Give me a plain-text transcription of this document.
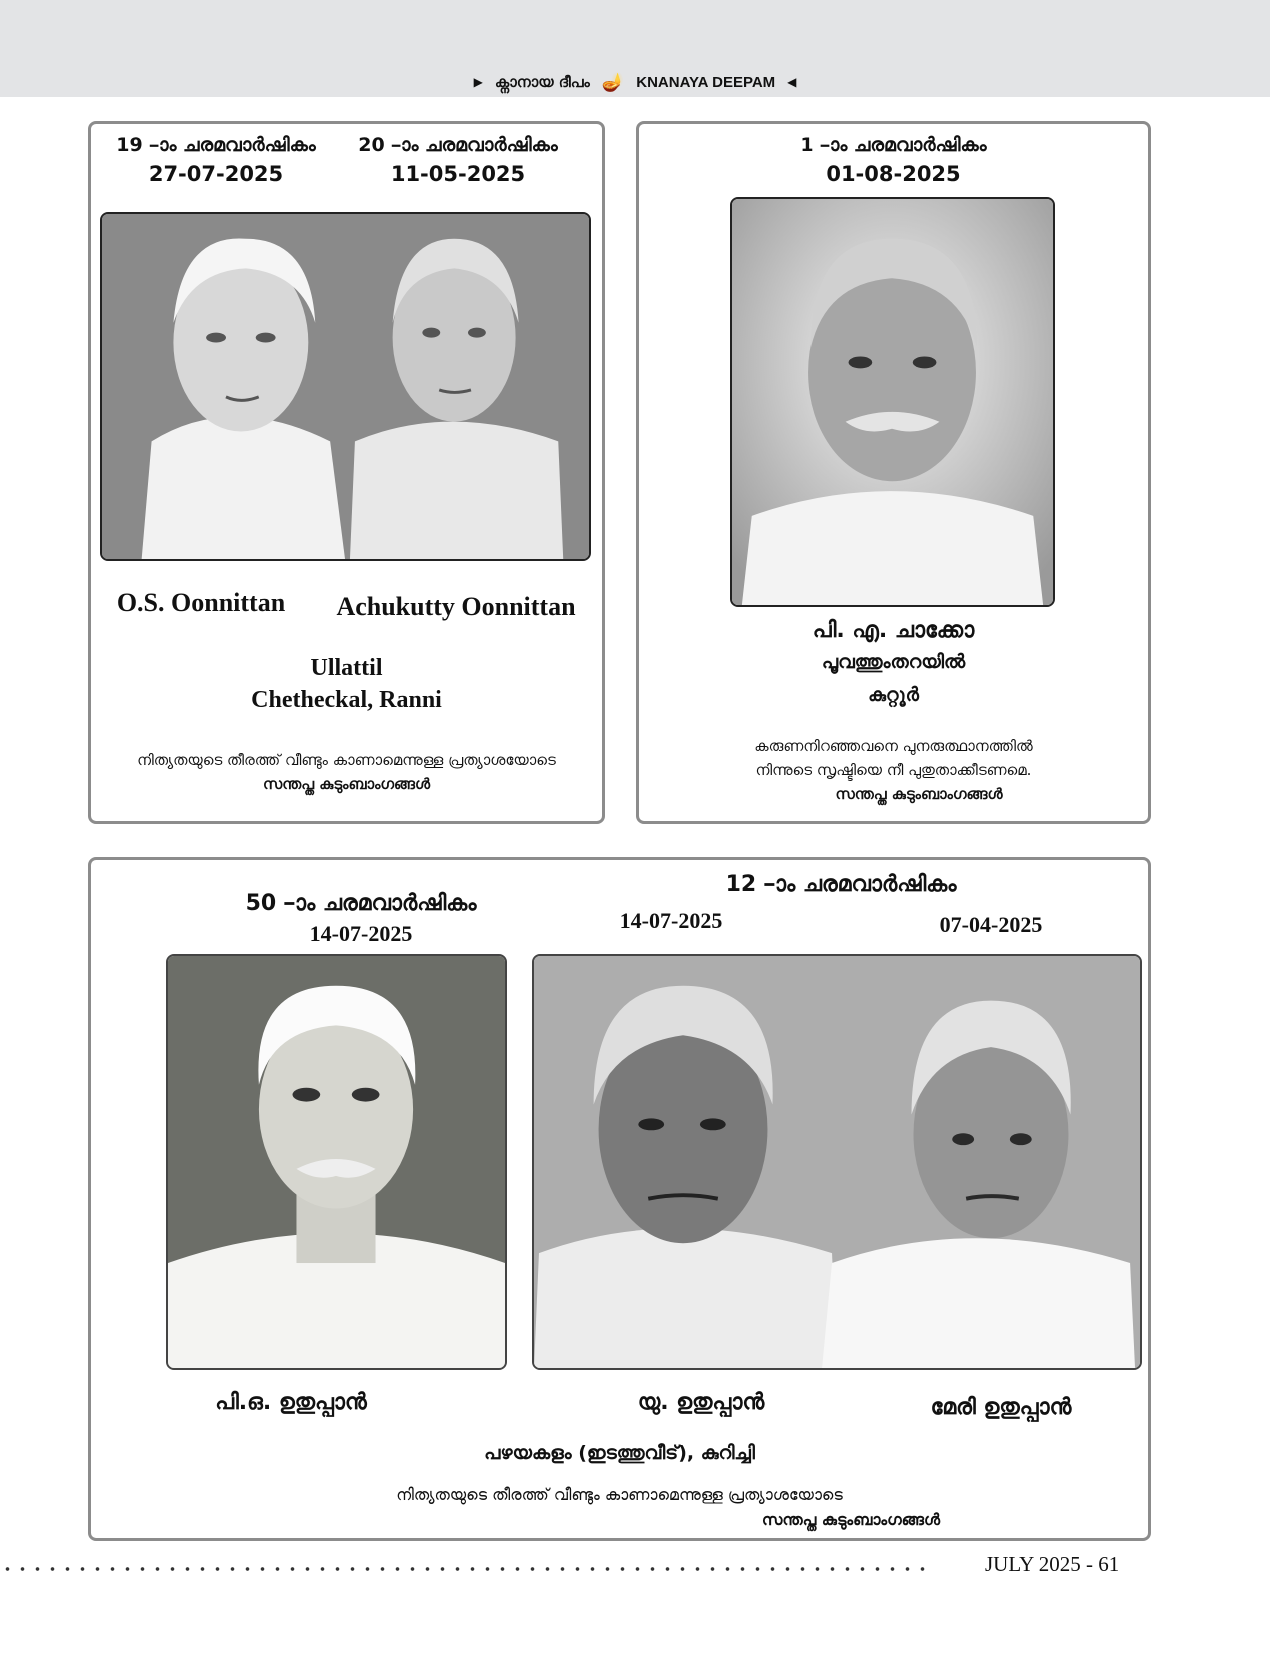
▶ ക്നാനായ ദീപം 🪔 KNANAYA DEEPAM ◀
19 –ാം ചരമവാർഷികം
27-07-2025
20 –ാം ചരമവാർഷികം
11-05-2025
O.S. Oonnittan	Achukutty Oonnittan
Ullattil
Chetheckal, Ranni
നിത്യതയുടെ തീരത്ത് വീണ്ടും കാണാമെന്നുള്ള പ്രത്യാശയോടെ
സന്തപ്ത കുടുംബാംഗങ്ങൾ
1 –ാം ചരമവാർഷികം
01-08-2025
പി. എ. ചാക്കോ
പൂവത്തുംതറയിൽ
കുറ്റൂർ
കരുണനിറഞ്ഞവനെ പുനരുത്ഥാനത്തിൽ
നിന്നുടെ സൃഷ്ടിയെ നീ പുതുതാക്കീടണമെ.
സന്തപ്ത കുടുംബാംഗങ്ങൾ
50 –ാം ചരമവാർഷികം
14-07-2025
12 –ാം ചരമവാർഷികം
14-07-2025	07-04-2025
പി.ഒ. ഉതുപ്പാൻ	യു. ഉതുപ്പാൻ	മേരി ഉതുപ്പാൻ
പഴയകളം (ഇടത്തുവീട്), കുറിച്ചി
നിത്യതയുടെ തീരത്ത് വീണ്ടും കാണാമെന്നുള്ള പ്രത്യാശയോടെ
സന്തപ്ത കുടുംബാംഗങ്ങൾ
JULY 2025 - 61
